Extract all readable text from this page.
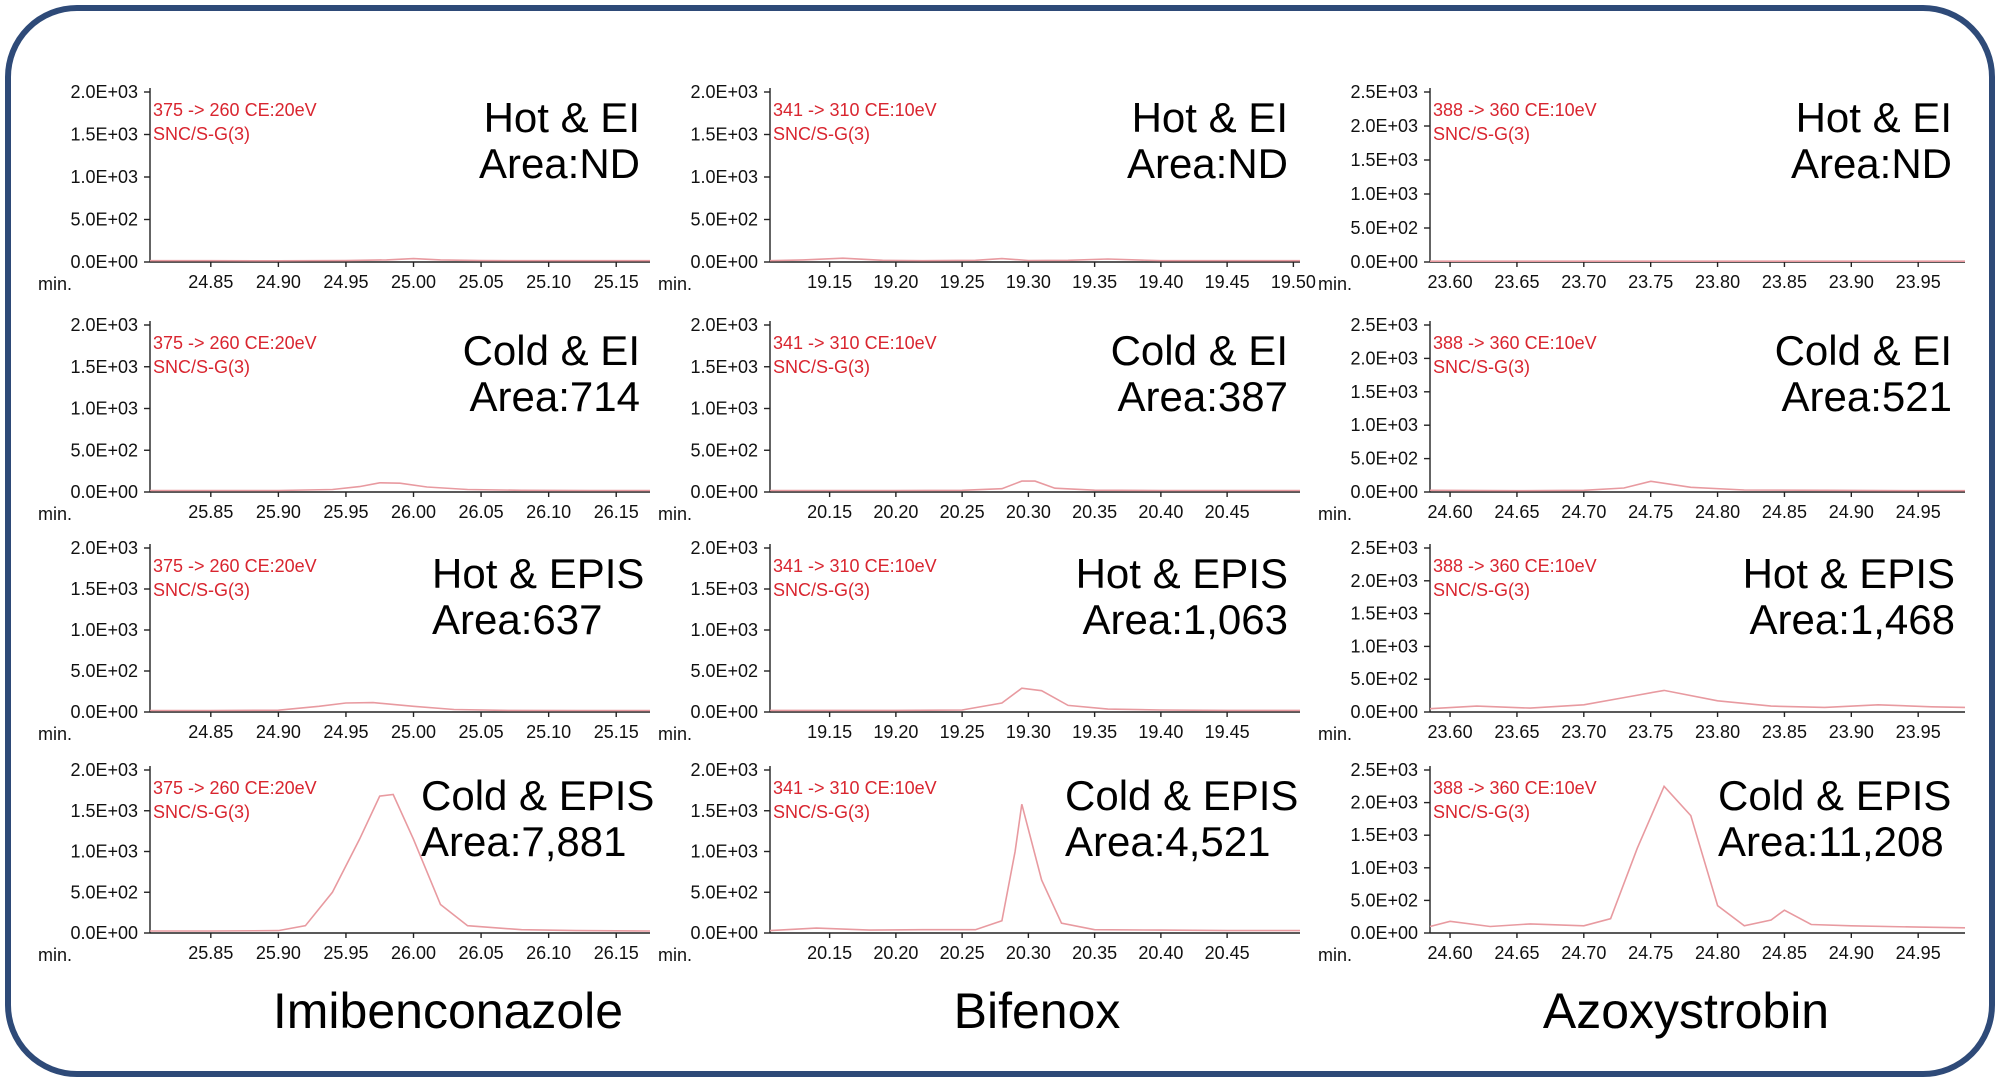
0.0E+00
5.0E+02
1.0E+03
1.5E+03
2.0E+03
24.85 24.90 24.95 25.00 25.05 25.10 25.15
min.
375 -> 260 CE:20eV
SNC/S-G(3)	Hot & EI
Area:ND
0.0E+00
5.0E+02
1.0E+03
1.5E+03
2.0E+03
19.15 19.20 19.25 19.30 19.35 19.40 19.45 19.50
min.
341 -> 310 CE:10eV
SNC/S-G(3)	Hot & EI
Area:ND
0.0E+00
5.0E+02
1.0E+03
1.5E+03
2.0E+03
2.5E+03
23.60 23.65 23.70 23.75 23.80 23.85 23.90 23.95
min.
388 -> 360 CE:10eV
SNC/S-G(3)	Hot & EI
Area:ND
0.0E+00
5.0E+02
1.0E+03
1.5E+03
2.0E+03
25.85 25.90 25.95 26.00 26.05 26.10 26.15
min.
375 -> 260 CE:20eV
SNC/S-G(3)	Cold & EI
Area:714
0.0E+00
5.0E+02
1.0E+03
1.5E+03
2.0E+03
20.15 20.20 20.25 20.30 20.35 20.40 20.45
min.
341 -> 310 CE:10eV
SNC/S-G(3)	Cold & EI
Area:387
0.0E+00
5.0E+02
1.0E+03
1.5E+03
2.0E+03
2.5E+03
24.60 24.65 24.70 24.75 24.80 24.85 24.90 24.95
min.
388 -> 360 CE:10eV
SNC/S-G(3)	Cold & EI
Area:521
0.0E+00
5.0E+02
1.0E+03
1.5E+03
2.0E+03
24.85 24.90 24.95 25.00 25.05 25.10 25.15
min.
375 -> 260 CE:20eV
SNC/S-G(3)	Hot & EPIS
Area:637
0.0E+00
5.0E+02
1.0E+03
1.5E+03
2.0E+03
19.15 19.20 19.25 19.30 19.35 19.40 19.45
min.
341 -> 310 CE:10eV
SNC/S-G(3)	Hot & EPIS
Area:1,063
0.0E+00
5.0E+02
1.0E+03
1.5E+03
2.0E+03
2.5E+03
23.60 23.65 23.70 23.75 23.80 23.85 23.90 23.95
min.
388 -> 360 CE:10eV
SNC/S-G(3)	Hot & EPIS
Area:1,468
0.0E+00
5.0E+02
1.0E+03
1.5E+03
2.0E+03
25.85 25.90 25.95 26.00 26.05 26.10 26.15
min.
375 -> 260 CE:20eV
SNC/S-G(3)	Cold & EPIS
Area:7,881
0.0E+00
5.0E+02
1.0E+03
1.5E+03
2.0E+03
20.15 20.20 20.25 20.30 20.35 20.40 20.45
min.
341 -> 310 CE:10eV
SNC/S-G(3)	Cold & EPIS
Area:4,521
0.0E+00
5.0E+02
1.0E+03
1.5E+03
2.0E+03
2.5E+03
24.60 24.65 24.70 24.75 24.80 24.85 24.90 24.95
min.
388 -> 360 CE:10eV
SNC/S-G(3)	Cold & EPIS
Area:11,208
Imibenconazole	Bifenox	Azoxystrobin
